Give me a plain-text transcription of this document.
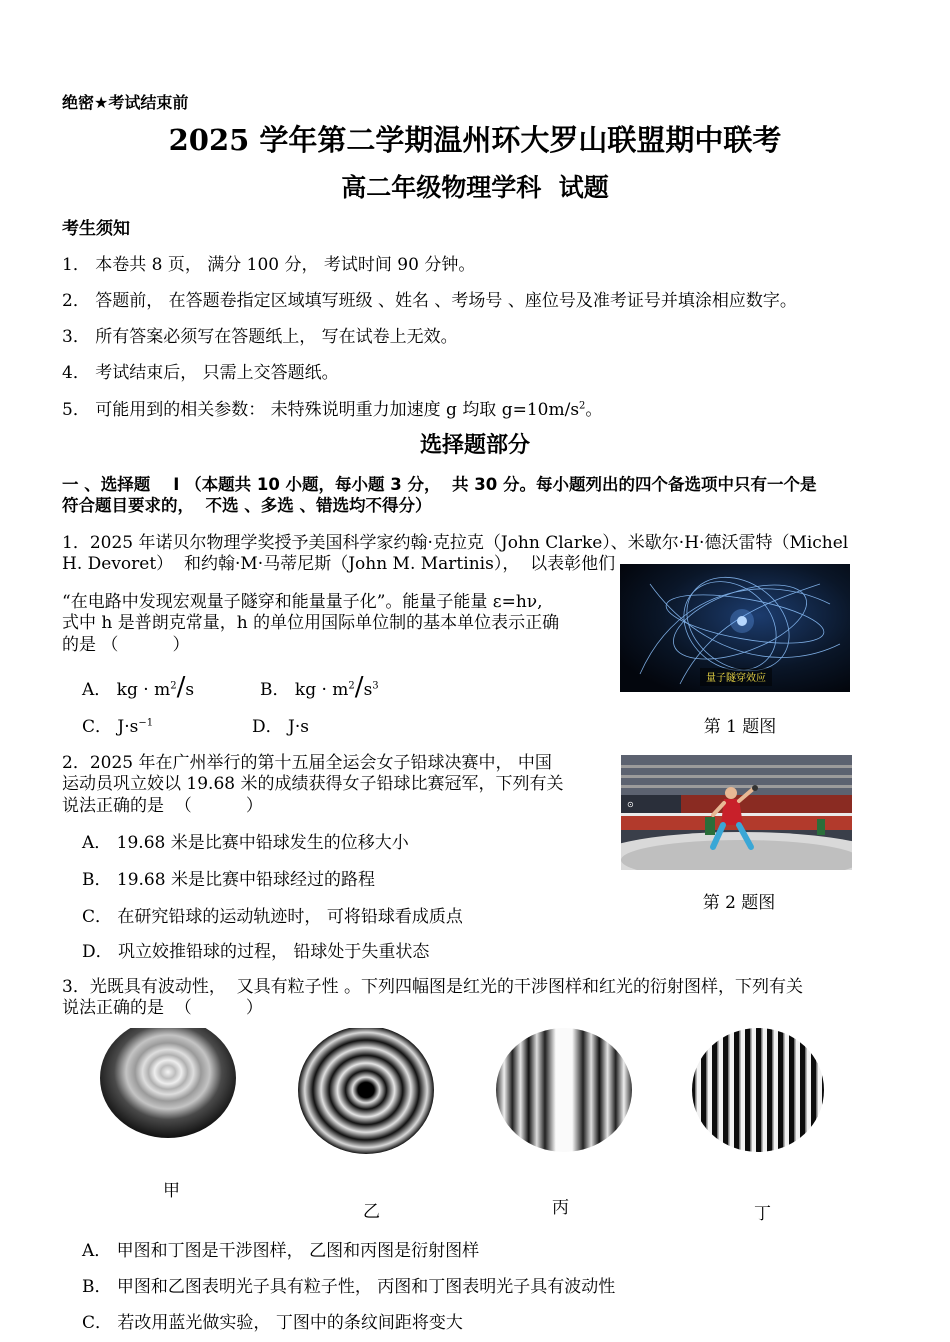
绝密★考试结束前
2025 学年第二学期温州环大罗山联盟期中联考
高二年级物理学科  试题
考生须知
1． 本卷共 8 页， 满分 100 分， 考试时间 90 分钟。
2． 答题前， 在答题卷指定区域填写班级 、姓名 、考场号 、座位号及准考证号并填涂相应数字。
3． 所有答案必须写在答题纸上， 写在试卷上无效。
4． 考试结束后， 只需上交答题纸。
5． 可能用到的相关参数： 未特殊说明重力加速度 g 均取 $g=10m/s^2$。
选择题部分
一 、选择题    Ⅰ （本题共 10 小题，每小题 3 分，  共 30 分。每小题列出的四个备选项中只有一个是
符合题目要求的，  不选 、多选 、错选均不得分）
1．2025 年诺贝尔物理学奖授予美国科学家约翰·克拉克（John Clarke）、米歇尔·H·德沃雷特（Michel
H. Devoret）  和约翰·M·马蒂尼斯（John M. Martinis），  以表彰他们
“在电路中发现宏观量子隧穿和能量量子化”。能量子能量 ε=hν,
式中 h 是普朗克常量，h 的单位用国际单位制的基本单位表示正确
的是 （          ）
A． kg · $m^2/s$	B． kg · $m^2/s^3$
C． $J\cdot s^{-1}$	D． J·s
量子隧穿效应
第 1 题图
2．2025 年在广州举行的第十五届全运会女子铅球决赛中， 中国
运动员巩立姣以 19.68 米的成绩获得女子铅球比赛冠军，下列有关
说法正确的是  （          ）
A． 19.68 米是比赛中铅球发生的位移大小
B． 19.68 米是比赛中铅球经过的路程
C． 在研究铅球的运动轨迹时， 可将铅球看成质点
D． 巩立姣推铅球的过程， 铅球处于失重状态
⊙
第 2 题图
3．光既具有波动性，  又具有粒子性 。下列四幅图是红光的干涉图样和红光的衍射图样，下列有关
说法正确的是  （          ）
甲
乙	丙	丁
A． 甲图和丁图是干涉图样， 乙图和丙图是衍射图样
B． 甲图和乙图表明光子具有粒子性， 丙图和丁图表明光子具有波动性
C． 若改用蓝光做实验， 丁图中的条纹间距将变大
